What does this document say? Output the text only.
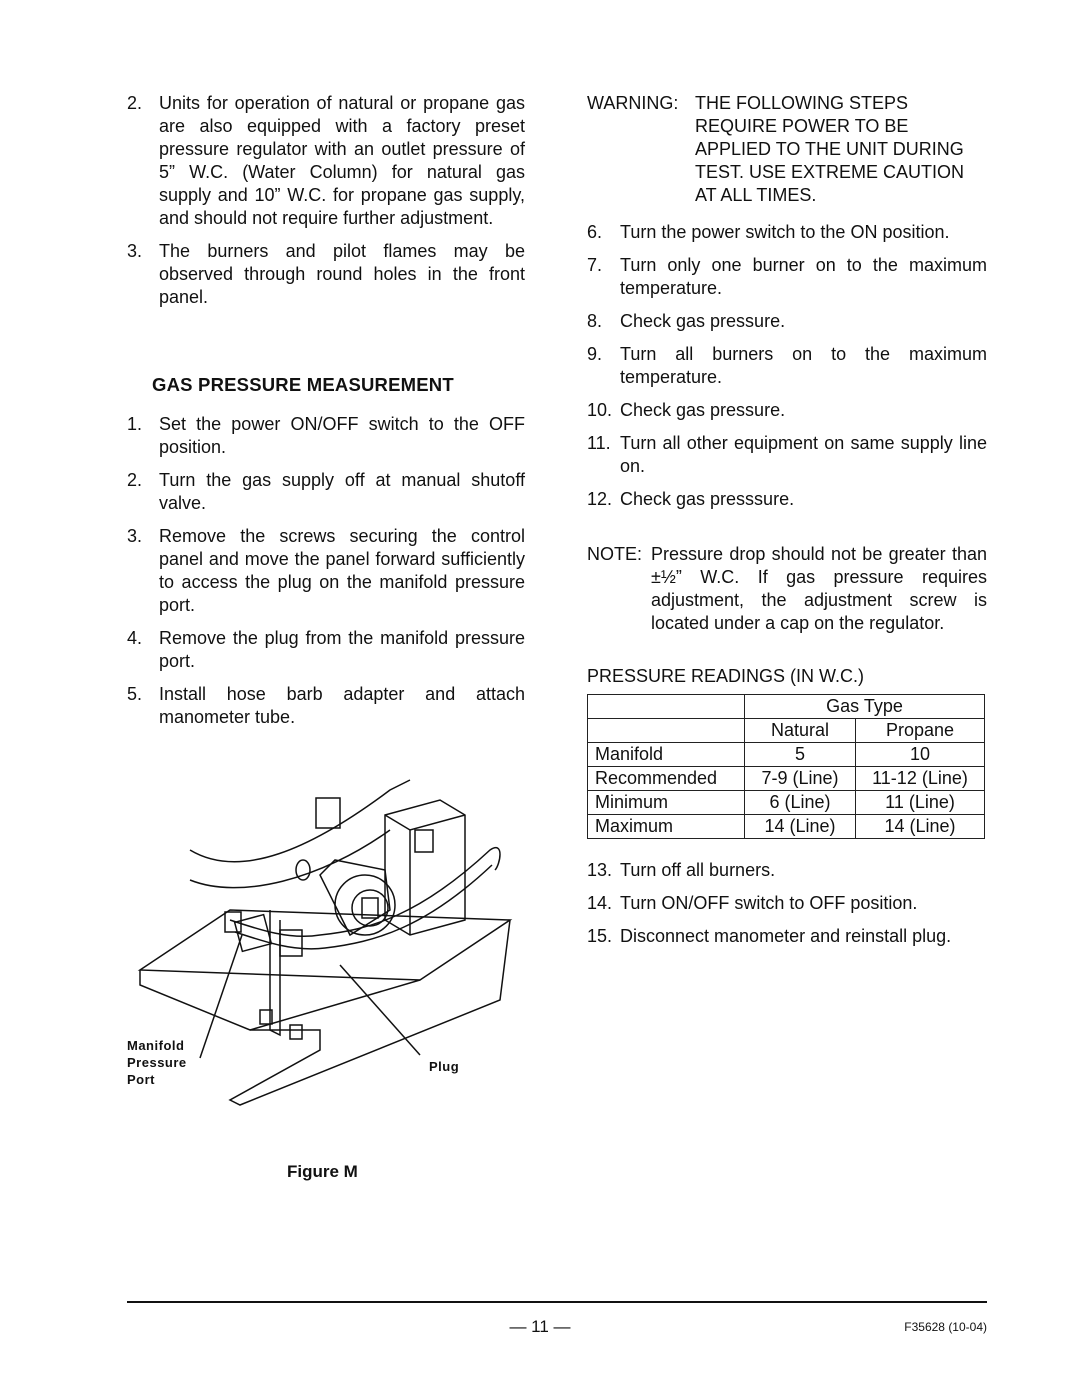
2. Units for operation of natural or propane gas are also equipped with a factory preset pressure regulator with an outlet pressure of 5” W.C. (Water Column) for natural gas supply and 10” W.C. for propane gas supply, and should not require further adjustment.
3. The burners and pilot flames may be observed through round holes in the front panel.
GAS PRESSURE MEASUREMENT
1. Set the power ON/OFF switch to the OFF position.
2. Turn the gas supply off at manual shutoff valve.
3. Remove the screws securing the control panel and move the panel forward sufficiently to access the plug on the manifold pressure port.
4. Remove the plug from the manifold pressure port.
5. Install hose barb adapter and attach manometer tube.
Manifold
Pressure
Port
Plug
Figure M
WARNING: THE FOLLOWING STEPS REQUIRE POWER TO BE APPLIED TO THE UNIT DURING TEST. USE EXTREME CAUTION AT ALL TIMES.
6. Turn the power switch to the ON position.
7. Turn only one burner on to the maximum temperature.
8. Check gas pressure.
9. Turn all burners on to the maximum temperature.
10. Check gas pressure.
11. Turn all other equipment on same supply line on.
12. Check gas presssure.
NOTE: Pressure drop should not be greater than ±½” W.C. If gas pressure requires adjustment, the adjustment screw is located under a cap on the regulator.
PRESSURE READINGS (IN W.C.)
	Gas Type	
	Natural	Propane
Manifold	5	10
Recommended	7-9 (Line)	11-12 (Line)
Minimum	6 (Line)	11 (Line)
Maximum	14 (Line)	14 (Line)
13. Turn off all burners.
14. Turn ON/OFF switch to OFF position.
15. Disconnect manometer and reinstall plug.
— 11 —	F35628 (10-04)
